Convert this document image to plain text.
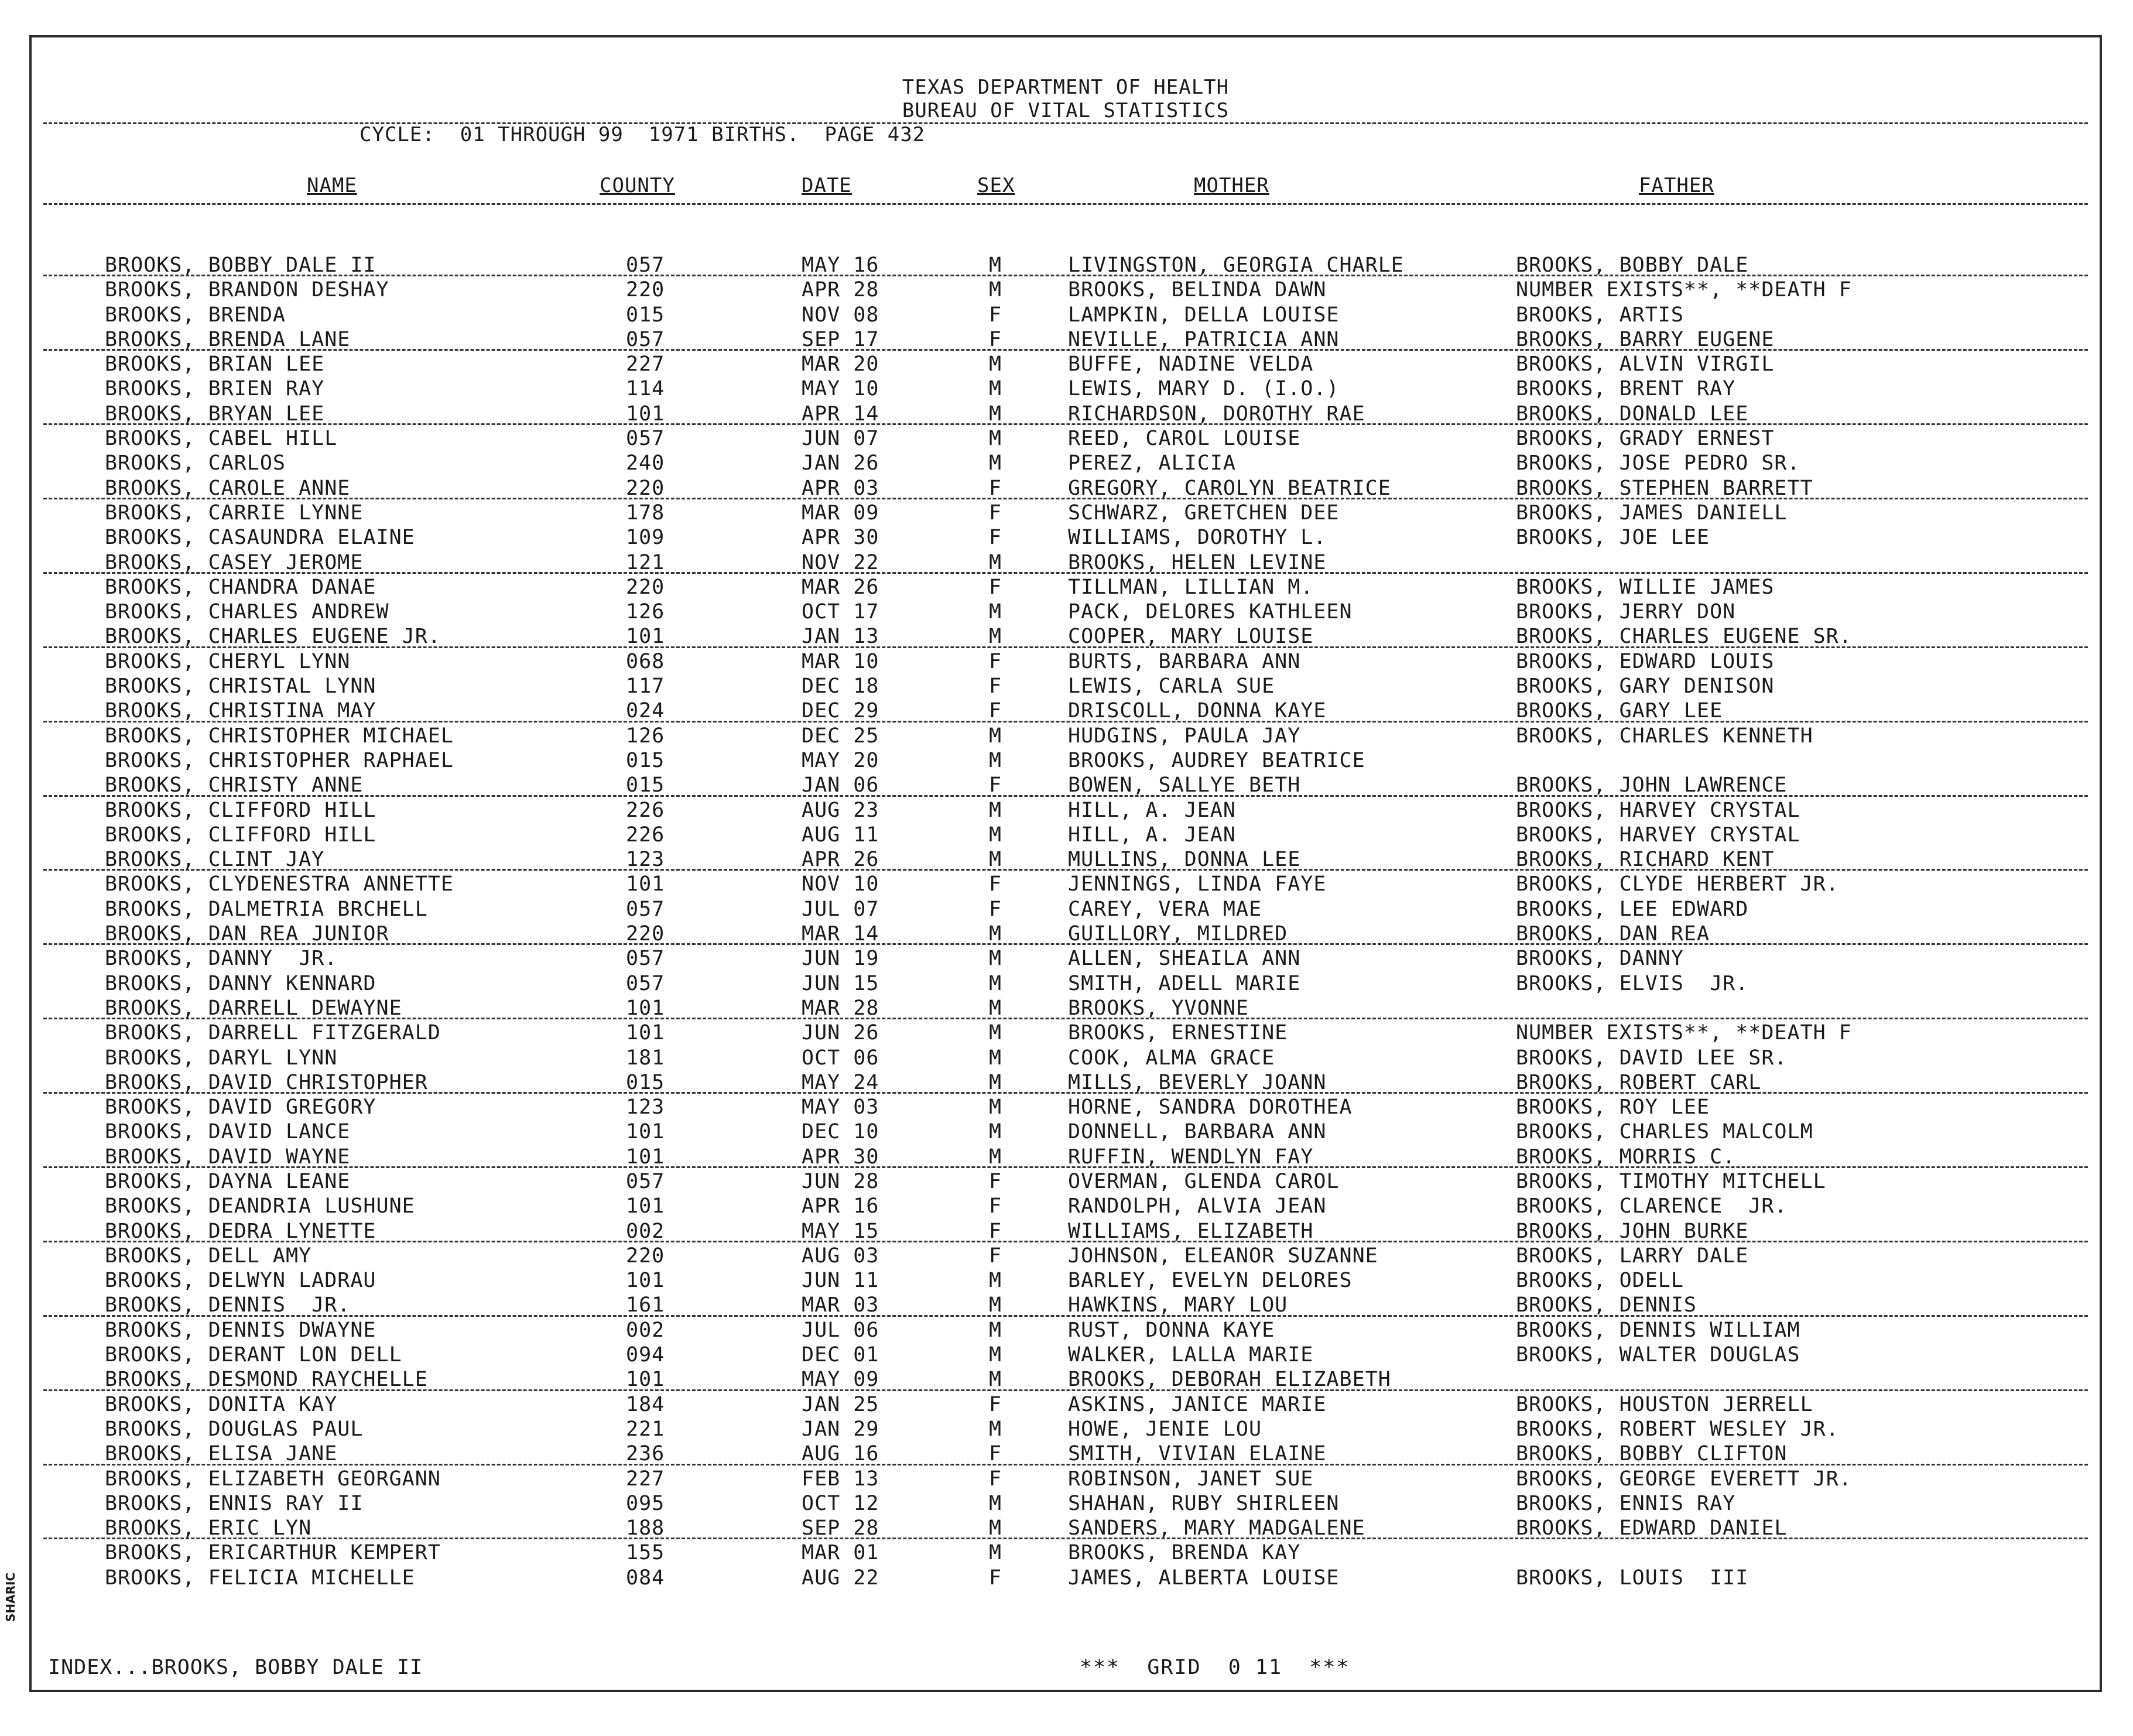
TEXAS DEPARTMENT OF HEALTH
BUREAU OF VITAL STATISTICS
CYCLE:  01 THROUGH 99  1971 BIRTHS.  PAGE 432
NAME	COUNTY	DATE	SEX	MOTHER	FATHER
BROOKS, BOBBY DALE II	057	MAY 16	M	LIVINGSTON, GEORGIA CHARLE	BROOKS, BOBBY DALE
BROOKS, BRANDON DESHAY	220	APR 28	M	BROOKS, BELINDA DAWN	NUMBER EXISTS**, **DEATH F
BROOKS, BRENDA	015	NOV 08	F	LAMPKIN, DELLA LOUISE	BROOKS, ARTIS
BROOKS, BRENDA LANE	057	SEP 17	F	NEVILLE, PATRICIA ANN	BROOKS, BARRY EUGENE
BROOKS, BRIAN LEE	227	MAR 20	M	BUFFE, NADINE VELDA	BROOKS, ALVIN VIRGIL
BROOKS, BRIEN RAY	114	MAY 10	M	LEWIS, MARY D. (I.O.)	BROOKS, BRENT RAY
BROOKS, BRYAN LEE	101	APR 14	M	RICHARDSON, DOROTHY RAE	BROOKS, DONALD LEE
BROOKS, CABEL HILL	057	JUN 07	M	REED, CAROL LOUISE	BROOKS, GRADY ERNEST
BROOKS, CARLOS	240	JAN 26	M	PEREZ, ALICIA	BROOKS, JOSE PEDRO SR.
BROOKS, CAROLE ANNE	220	APR 03	F	GREGORY, CAROLYN BEATRICE	BROOKS, STEPHEN BARRETT
BROOKS, CARRIE LYNNE	178	MAR 09	F	SCHWARZ, GRETCHEN DEE	BROOKS, JAMES DANIELL
BROOKS, CASAUNDRA ELAINE	109	APR 30	F	WILLIAMS, DOROTHY L.	BROOKS, JOE LEE
BROOKS, CASEY JEROME	121	NOV 22	M	BROOKS, HELEN LEVINE
BROOKS, CHANDRA DANAE	220	MAR 26	F	TILLMAN, LILLIAN M.	BROOKS, WILLIE JAMES
BROOKS, CHARLES ANDREW	126	OCT 17	M	PACK, DELORES KATHLEEN	BROOKS, JERRY DON
BROOKS, CHARLES EUGENE JR.	101	JAN 13	M	COOPER, MARY LOUISE	BROOKS, CHARLES EUGENE SR.
BROOKS, CHERYL LYNN	068	MAR 10	F	BURTS, BARBARA ANN	BROOKS, EDWARD LOUIS
BROOKS, CHRISTAL LYNN	117	DEC 18	F	LEWIS, CARLA SUE	BROOKS, GARY DENISON
BROOKS, CHRISTINA MAY	024	DEC 29	F	DRISCOLL, DONNA KAYE	BROOKS, GARY LEE
BROOKS, CHRISTOPHER MICHAEL	126	DEC 25	M	HUDGINS, PAULA JAY	BROOKS, CHARLES KENNETH
BROOKS, CHRISTOPHER RAPHAEL	015	MAY 20	M	BROOKS, AUDREY BEATRICE
BROOKS, CHRISTY ANNE	015	JAN 06	F	BOWEN, SALLYE BETH	BROOKS, JOHN LAWRENCE
BROOKS, CLIFFORD HILL	226	AUG 23	M	HILL, A. JEAN	BROOKS, HARVEY CRYSTAL
BROOKS, CLIFFORD HILL	226	AUG 11	M	HILL, A. JEAN	BROOKS, HARVEY CRYSTAL
BROOKS, CLINT JAY	123	APR 26	M	MULLINS, DONNA LEE	BROOKS, RICHARD KENT
BROOKS, CLYDENESTRA ANNETTE	101	NOV 10	F	JENNINGS, LINDA FAYE	BROOKS, CLYDE HERBERT JR.
BROOKS, DALMETRIA BRCHELL	057	JUL 07	F	CAREY, VERA MAE	BROOKS, LEE EDWARD
BROOKS, DAN REA JUNIOR	220	MAR 14	M	GUILLORY, MILDRED	BROOKS, DAN REA
BROOKS, DANNY  JR.	057	JUN 19	M	ALLEN, SHEAILA ANN	BROOKS, DANNY
BROOKS, DANNY KENNARD	057	JUN 15	M	SMITH, ADELL MARIE	BROOKS, ELVIS  JR.
BROOKS, DARRELL DEWAYNE	101	MAR 28	M	BROOKS, YVONNE
BROOKS, DARRELL FITZGERALD	101	JUN 26	M	BROOKS, ERNESTINE	NUMBER EXISTS**, **DEATH F
BROOKS, DARYL LYNN	181	OCT 06	M	COOK, ALMA GRACE	BROOKS, DAVID LEE SR.
BROOKS, DAVID CHRISTOPHER	015	MAY 24	M	MILLS, BEVERLY JOANN	BROOKS, ROBERT CARL
BROOKS, DAVID GREGORY	123	MAY 03	M	HORNE, SANDRA DOROTHEA	BROOKS, ROY LEE
BROOKS, DAVID LANCE	101	DEC 10	M	DONNELL, BARBARA ANN	BROOKS, CHARLES MALCOLM
BROOKS, DAVID WAYNE	101	APR 30	M	RUFFIN, WENDLYN FAY	BROOKS, MORRIS C.
BROOKS, DAYNA LEANE	057	JUN 28	F	OVERMAN, GLENDA CAROL	BROOKS, TIMOTHY MITCHELL
BROOKS, DEANDRIA LUSHUNE	101	APR 16	F	RANDOLPH, ALVIA JEAN	BROOKS, CLARENCE  JR.
BROOKS, DEDRA LYNETTE	002	MAY 15	F	WILLIAMS, ELIZABETH	BROOKS, JOHN BURKE
BROOKS, DELL AMY	220	AUG 03	F	JOHNSON, ELEANOR SUZANNE	BROOKS, LARRY DALE
BROOKS, DELWYN LADRAU	101	JUN 11	M	BARLEY, EVELYN DELORES	BROOKS, ODELL
BROOKS, DENNIS  JR.	161	MAR 03	M	HAWKINS, MARY LOU	BROOKS, DENNIS
BROOKS, DENNIS DWAYNE	002	JUL 06	M	RUST, DONNA KAYE	BROOKS, DENNIS WILLIAM
BROOKS, DERANT LON DELL	094	DEC 01	M	WALKER, LALLA MARIE	BROOKS, WALTER DOUGLAS
BROOKS, DESMOND RAYCHELLE	101	MAY 09	M	BROOKS, DEBORAH ELIZABETH
BROOKS, DONITA KAY	184	JAN 25	F	ASKINS, JANICE MARIE	BROOKS, HOUSTON JERRELL
BROOKS, DOUGLAS PAUL	221	JAN 29	M	HOWE, JENIE LOU	BROOKS, ROBERT WESLEY JR.
BROOKS, ELISA JANE	236	AUG 16	F	SMITH, VIVIAN ELAINE	BROOKS, BOBBY CLIFTON
BROOKS, ELIZABETH GEORGANN	227	FEB 13	F	ROBINSON, JANET SUE	BROOKS, GEORGE EVERETT JR.
BROOKS, ENNIS RAY II	095	OCT 12	M	SHAHAN, RUBY SHIRLEEN	BROOKS, ENNIS RAY
BROOKS, ERIC LYN	188	SEP 28	M	SANDERS, MARY MADGALENE	BROOKS, EDWARD DANIEL
BROOKS, ERICARTHUR KEMPERT	155	MAR 01	M	BROOKS, BRENDA KAY
BROOKS, FELICIA MICHELLE	084	AUG 22	F	JAMES, ALBERTA LOUISE	BROOKS, LOUIS  III
INDEX...BROOKS, BOBBY DALE II	***  GRID  0 11  ***
SHARIC
